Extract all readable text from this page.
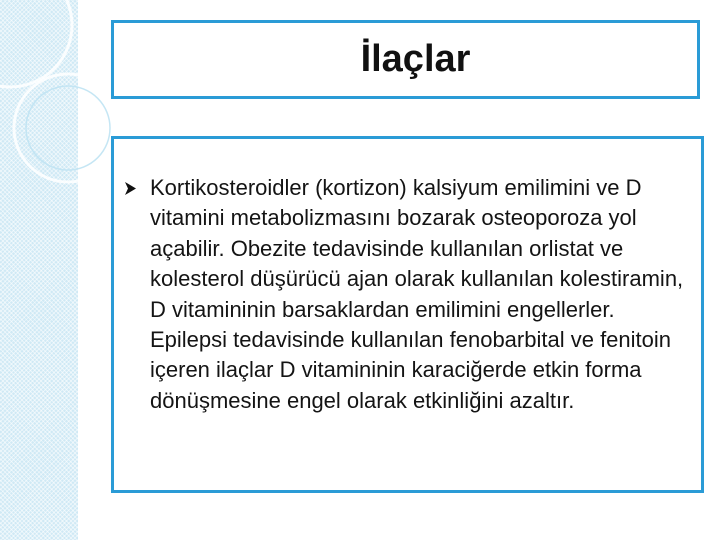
İlaçlar
Kortikosteroidler (kortizon) kalsiyum emilimini ve D vitamini metabolizmasını bozarak osteoporoza yol açabilir. Obezite tedavisinde kullanılan orlistat ve kolesterol düşürücü ajan olarak kullanılan kolestiramin, D vitamininin barsaklardan emilimini engellerler. Epilepsi tedavisinde kullanılan fenobarbital ve fenitoin içeren ilaçlar D vitamininin karaciğerde etkin forma dönüşmesine engel olarak etkinliğini azaltır.
